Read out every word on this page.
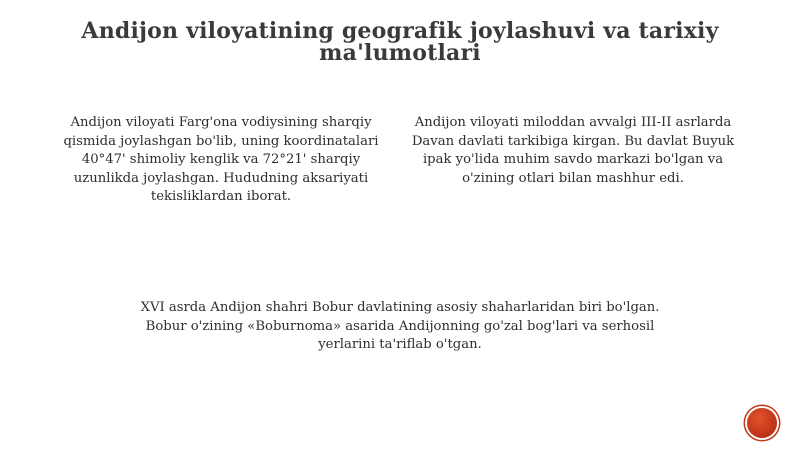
Andijon viloyatining geografik joylashuvi va tarixiy ma'lumotlari
Andijon viloyati Farg'ona vodiysining sharqiy qismida joylashgan bo'lib, uning koordinatalari 40°47' shimoliy kenglik va 72°21' sharqiy uzunlikda joylashgan. Hududning aksariyati tekisliklardan iborat.
Andijon viloyati miloddan avvalgi III-II asrlarda Davan davlati tarkibiga kirgan. Bu davlat Buyuk ipak yo'lida muhim savdo markazi bo'lgan va o'zining otlari bilan mashhur edi.
XVI asrda Andijon shahri Bobur davlatining asosiy shaharlaridan biri bo'lgan. Bobur o'zining «Boburnoma» asarida Andijonning go'zal bog'lari va serhosil yerlarini ta'riflab o'tgan.
